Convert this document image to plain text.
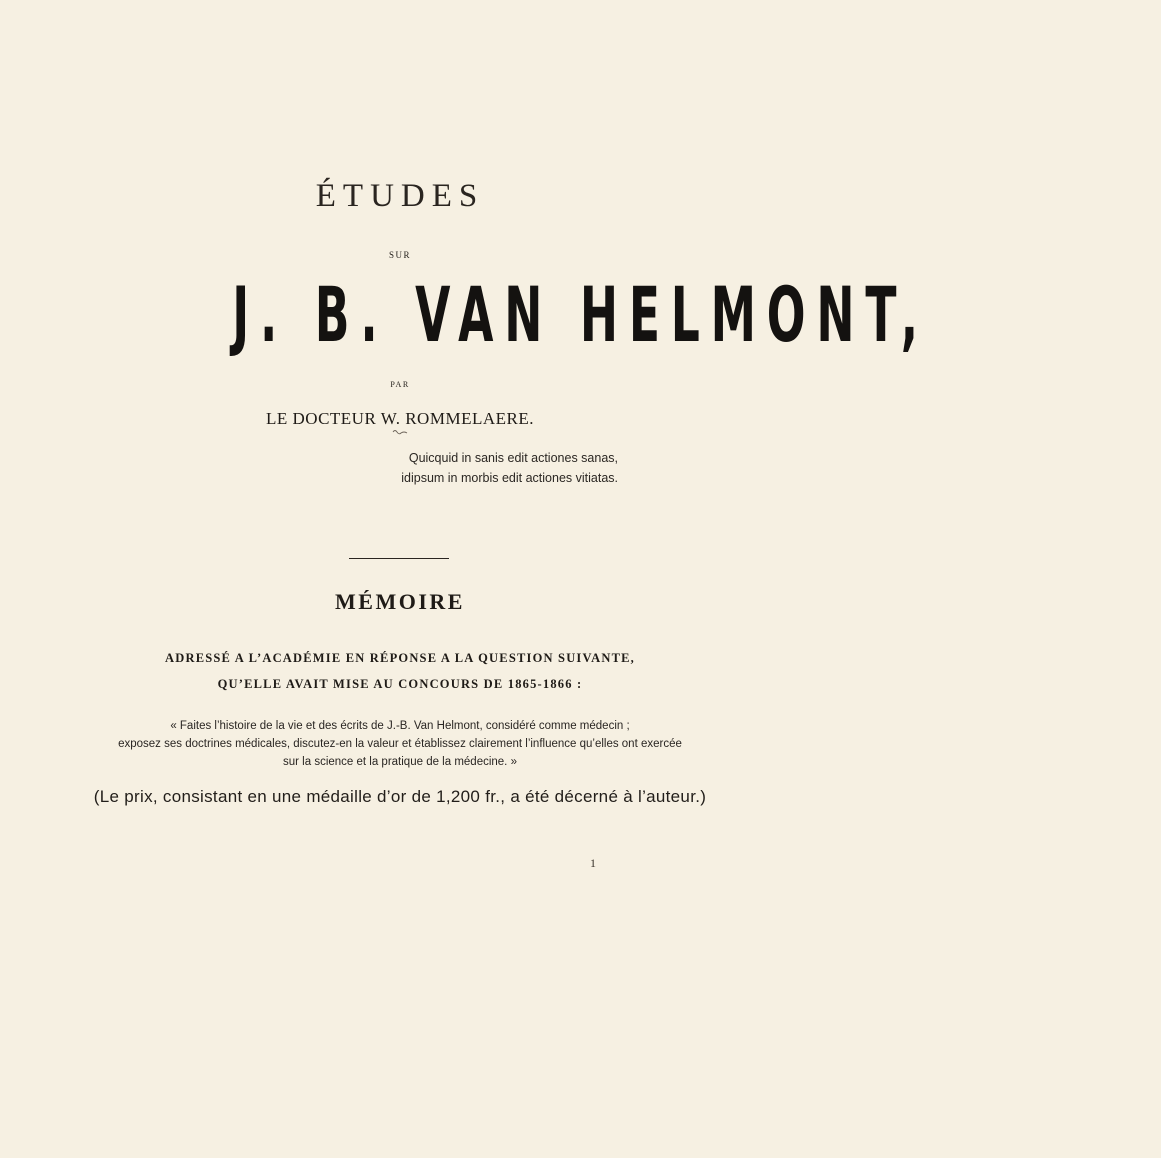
ÉTUDES
SUR
J. B. VAN HELMONT,
PAR
LE DOCTEUR W. ROMMELAERE.
Quicquid in sanis edit actiones sanas,
idipsum in morbis edit actiones vitiatas.
MÉMOIRE
ADRESSÉ A L’ACADÉMIE EN RÉPONSE A LA QUESTION SUIVANTE,
QU’ELLE AVAIT MISE AU CONCOURS DE 1865-1866 :
« Faites l’histoire de la vie et des écrits de J.-B. Van Helmont, considéré comme médecin ;
exposez ses doctrines médicales, discutez-en la valeur et établissez clairement l’influence qu’elles ont exercée
sur la science et la pratique de la médecine. »
(Le prix, consistant en une médaille d’or de 1,200 fr., a été décerné à l’auteur.)
1
